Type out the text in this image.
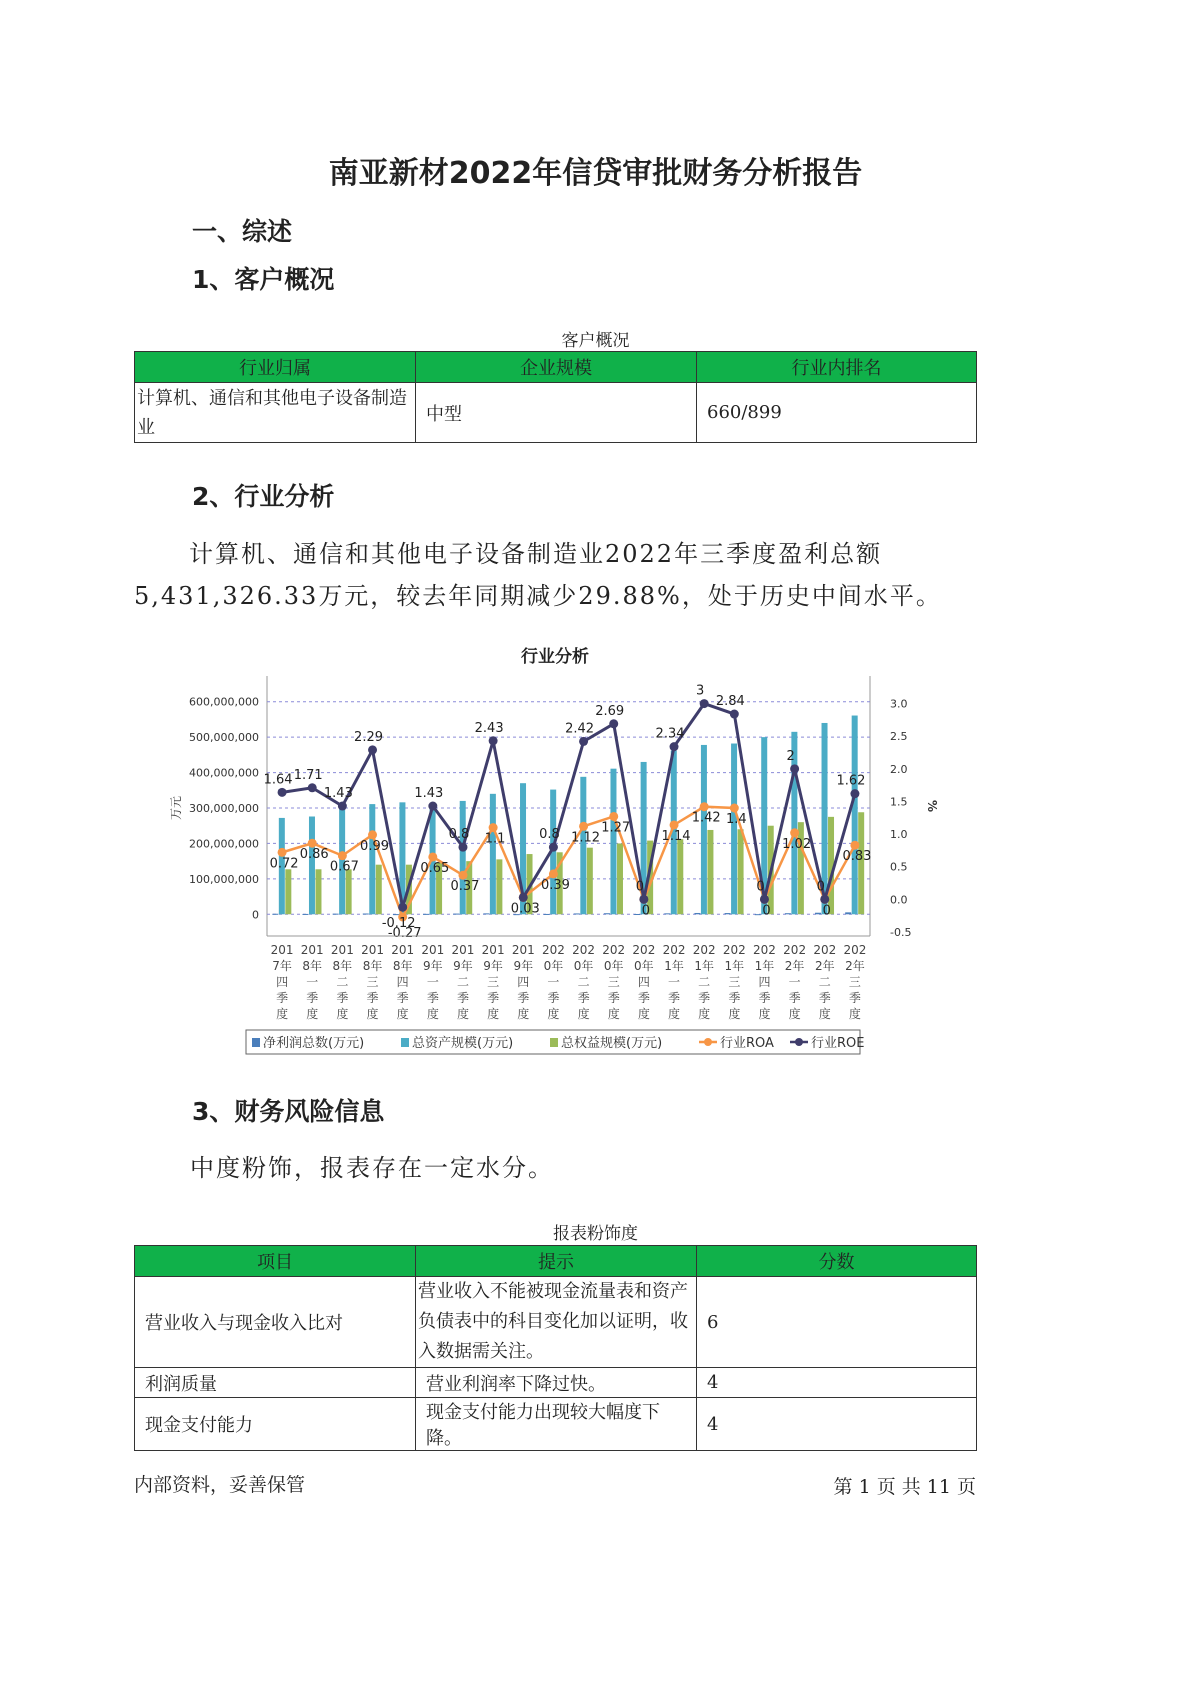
南亚新材2022年信贷审批财务分析报告
一、综述
1、客户概况
客户概况
行业归属	企业规模	行业内排名
计算机、通信和其他电子设备制造业	中型	660/899
2、行业分析
计算机、通信和其他电子设备制造业2022年三季度盈利总额
5,431,326.33万元，较去年同期减少29.88%，处于历史中间水平。
行业分析
600,000,000
500,000,000
400,000,000
300,000,000
200,000,000
100,000,000
0
3.0
2.5
2.0
1.5
1.0
0.5
0.0
-0.5
万元	%
0.72
0.86
0.67
0.99
-0.27
0.65
0.37
1.1
0.03
0.39
1.12
1.27
0
1.14
1.42 1.4
0
1.02
0
0.83
1.64 1.71
1.43
2.29
-0.12
1.43
0.8
2.43
0.8
2.42
2.69
0
2.34
3
2.84
0
2
0
1.62
201
7年
四
季
度
201
8年
一
季
度
201
8年
二
季
度
201
8年
三
季
度
201
8年
四
季
度
201
9年
一
季
度
201
9年
二
季
度
201
9年
三
季
度
201
9年
四
季
度
202
0年
一
季
度
202
0年
二
季
度
202
0年
三
季
度
202
0年
四
季
度
202
1年
一
季
度
202
1年
二
季
度
202
1年
三
季
度
202
1年
四
季
度
202
2年
一
季
度
202
2年
二
季
度
202
2年
三
季
度
净利润总数(万元)	总资产规模(万元)	总权益规模(万元)	行业ROA	行业ROE
3、财务风险信息
中度粉饰，报表存在一定水分。
报表粉饰度
项目	提示	分数
营业收入与现金收入比对	营业收入不能被现金流量表和资产负债表中的科目变化加以证明，收入数据需关注。	6
利润质量	营业利润率下降过快。	4
现金支付能力	现金支付能力出现较大幅度下降。	4
内部资料，妥善保管	第 1 页 共 11 页
